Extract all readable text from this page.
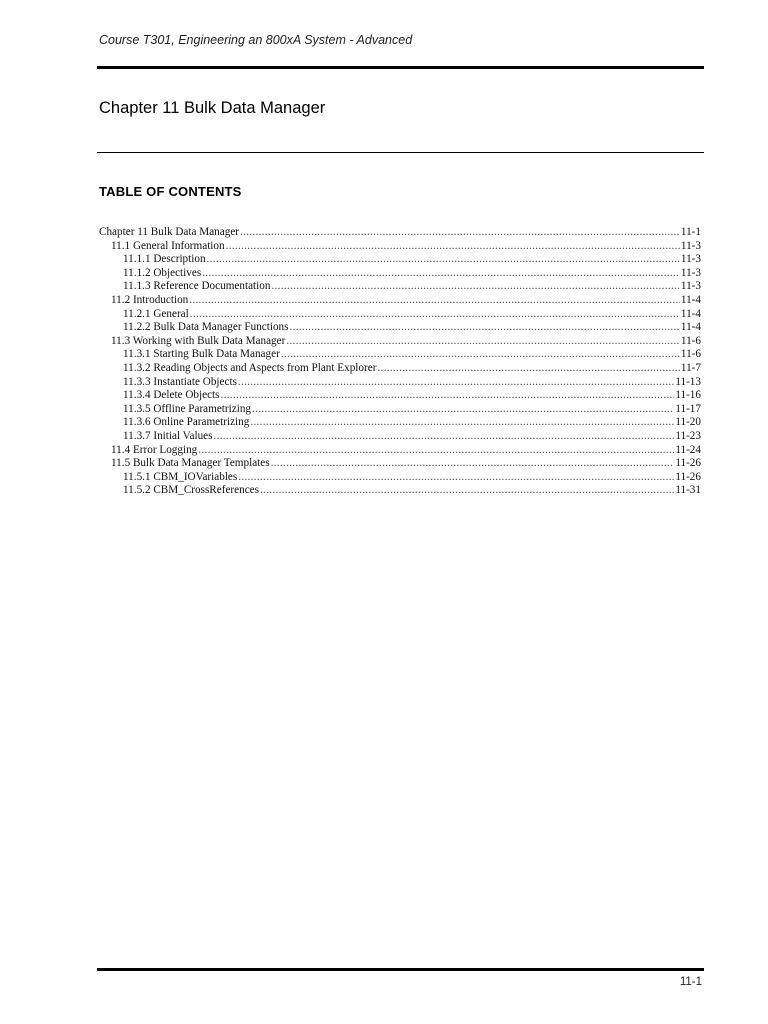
Course T301, Engineering an 800xA System - Advanced
Chapter 11 Bulk Data Manager
TABLE OF CONTENTS
Chapter 11 Bulk Data Manager .....	11-1
11.1 General Information .....	11-3
11.1.1 Description .....	11-3
11.1.2 Objectives .....	11-3
11.1.3 Reference Documentation .....	11-3
11.2 Introduction .....	11-4
11.2.1 General .....	11-4
11.2.2 Bulk Data Manager Functions .....	11-4
11.3 Working with Bulk Data Manager .....	11-6
11.3.1 Starting Bulk Data Manager .....	11-6
11.3.2 Reading Objects and Aspects from Plant Explorer .....	11-7
11.3.3 Instantiate Objects .....	11-13
11.3.4 Delete Objects .....	11-16
11.3.5 Offline Parametrizing .....	11-17
11.3.6 Online Parametrizing .....	11-20
11.3.7 Initial Values .....	11-23
11.4 Error Logging .....	11-24
11.5 Bulk Data Manager Templates .....	11-26
11.5.1 CBM_IOVariables .....	11-26
11.5.2 CBM_CrossReferences .....	11-31
11-1
